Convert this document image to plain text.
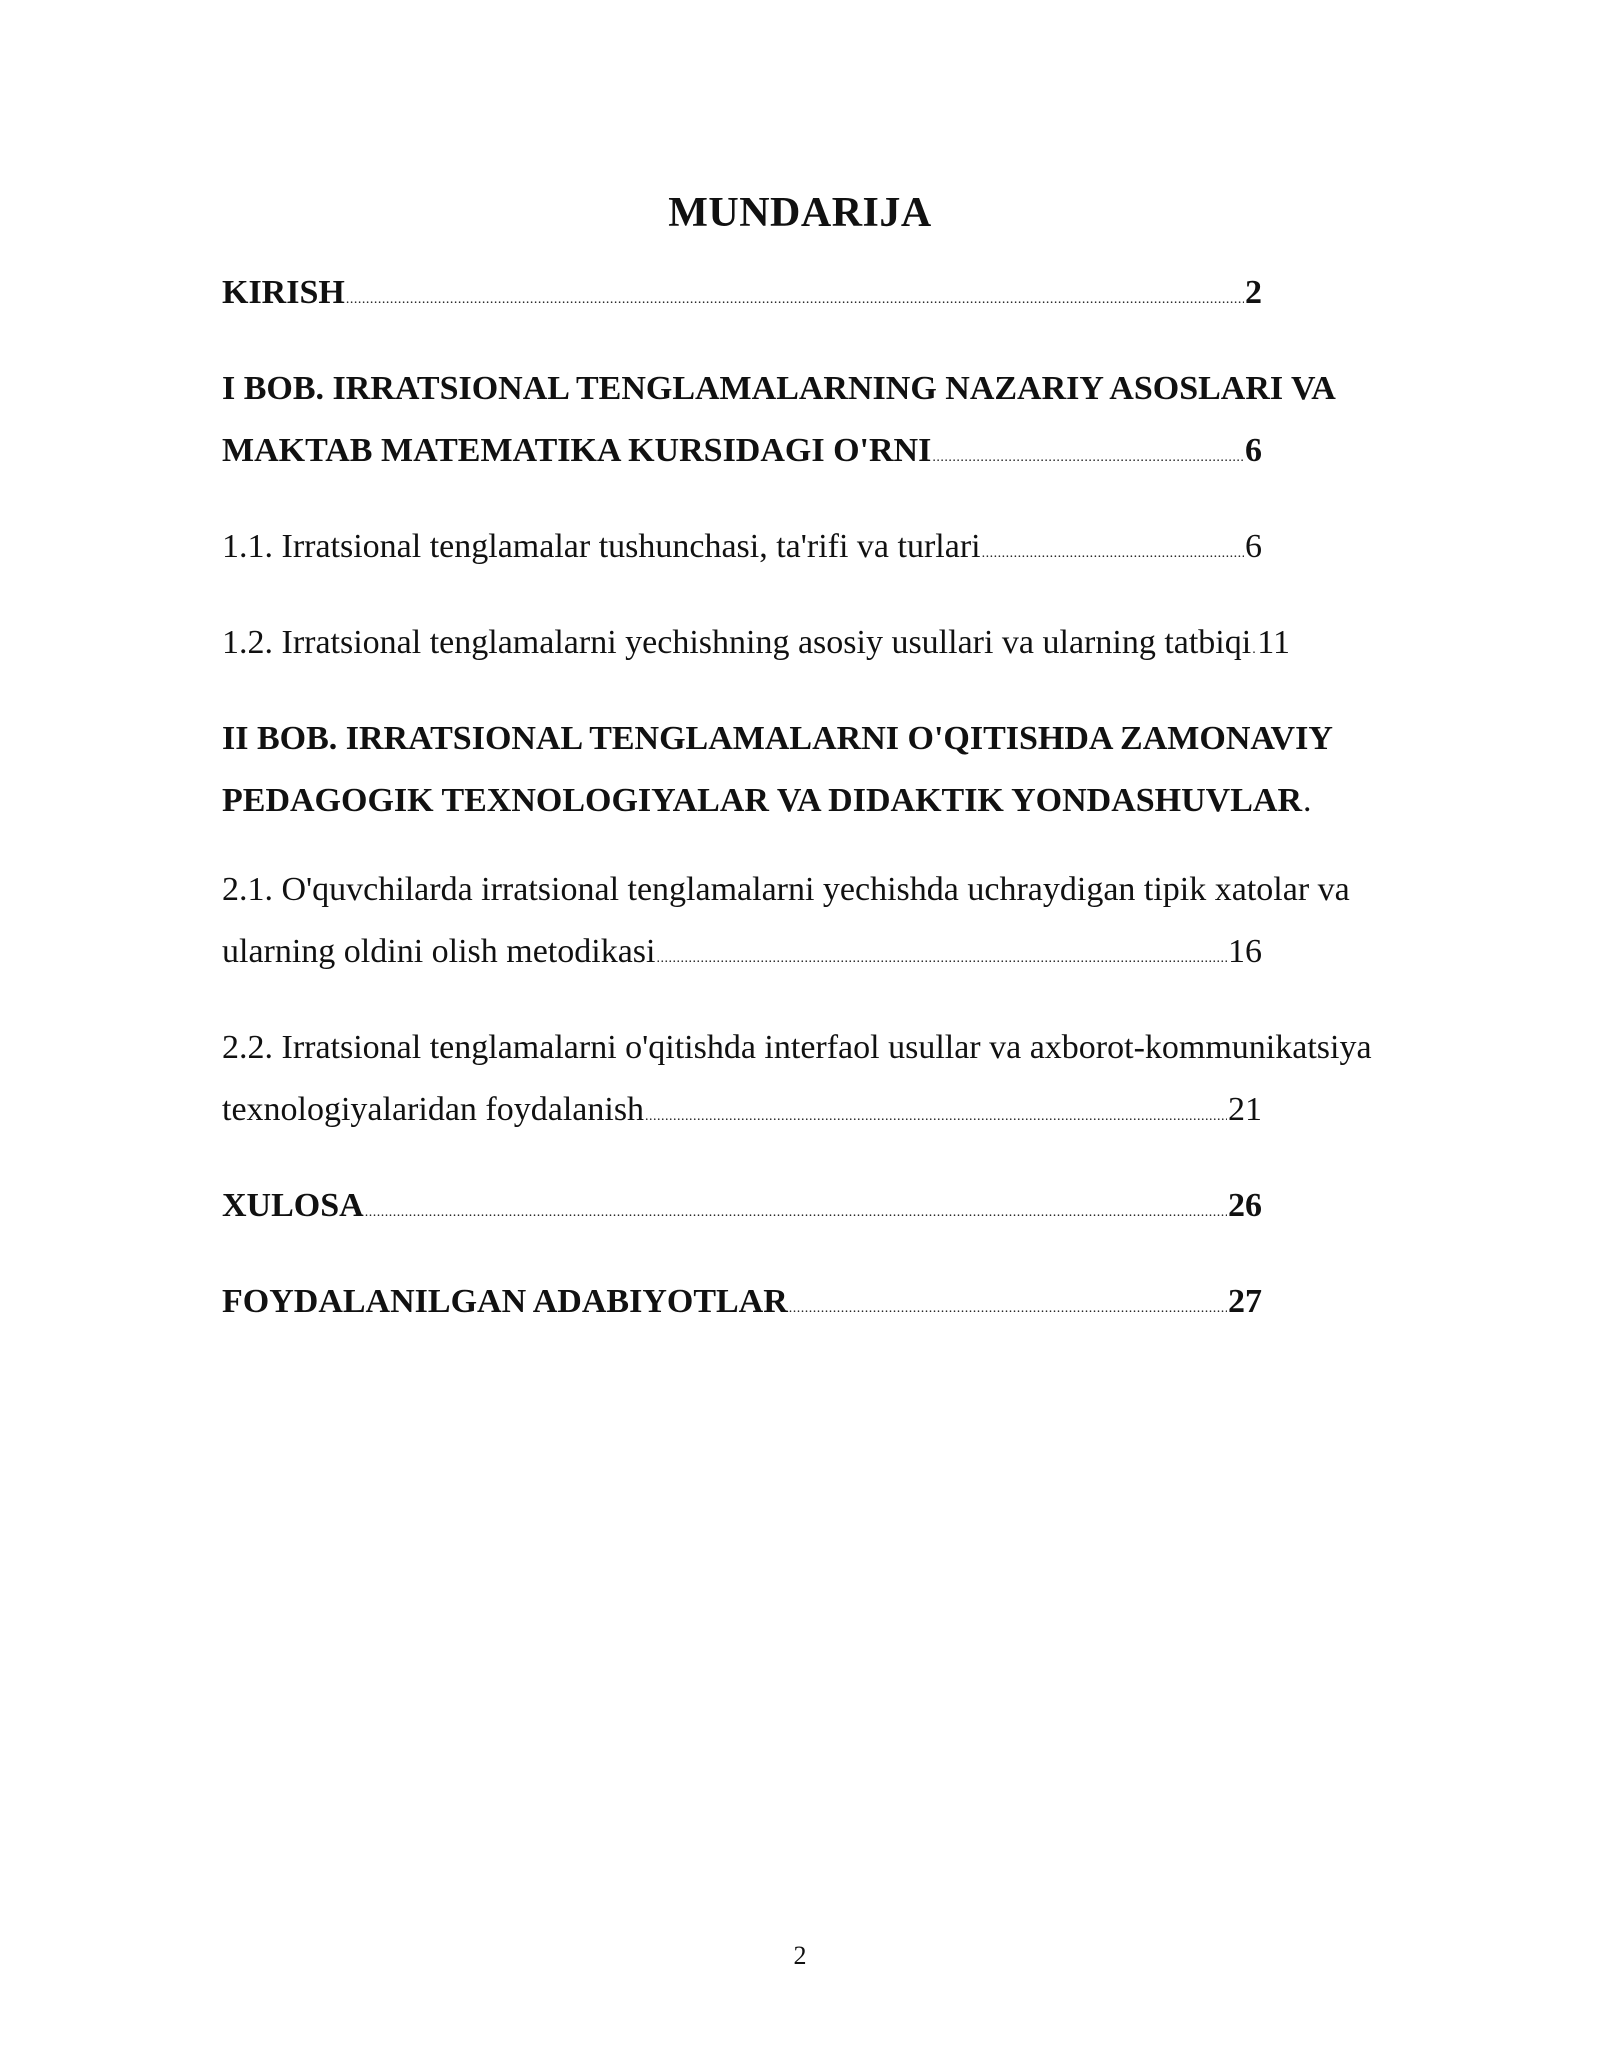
MUNDARIJA
KIRISH .....	2
I BOB. IRRATSIONAL TENGLAMALARNING NAZARIY ASOSLARI VA
MAKTAB MATEMATIKA KURSIDAGI O'RNI .....	6
1.1. Irratsional tenglamalar tushunchasi, ta'rifi va turlari .....	6
1.2. Irratsional tenglamalarni yechishning asosiy usullari va ularning tatbiqi ..... 11
II BOB. IRRATSIONAL TENGLAMALARNI O'QITISHDA ZAMONAVIY
PEDAGOGIK TEXNOLOGIYALAR VA DIDAKTIK YONDASHUVLAR
.
2.1. O'quvchilarda irratsional tenglamalarni yechishda uchraydigan tipik xatolar va
ularning oldini olish metodikasi .....	16
2.2. Irratsional tenglamalarni o'qitishda interfaol usullar va axborot-kommunikatsiya
texnologiyalaridan foydalanish .....	21
XULOSA .....	26
FOYDALANILGAN ADABIYOTLAR .....	27
2
